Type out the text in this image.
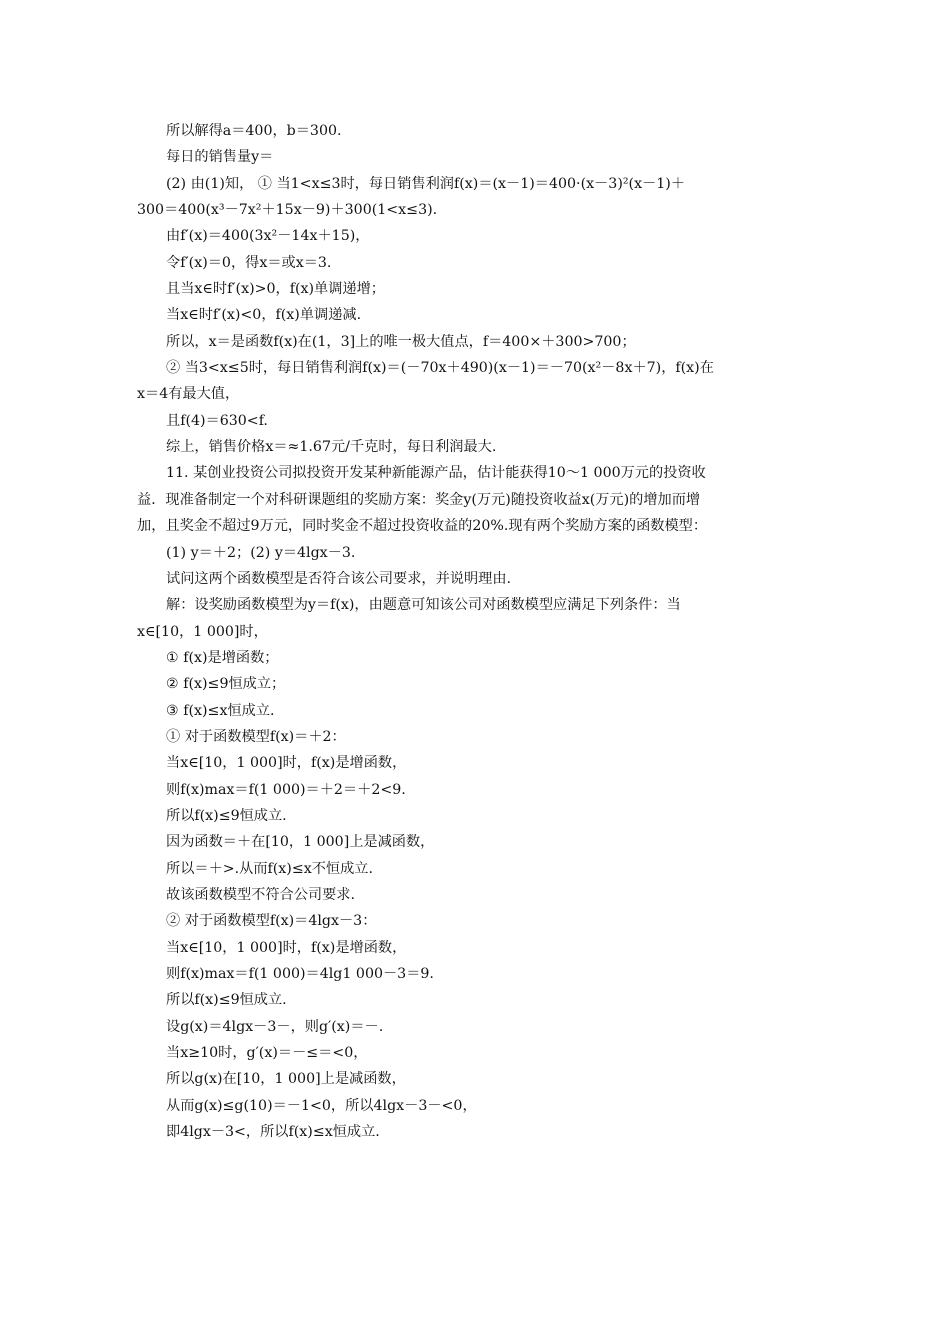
所以解得a＝400，b＝300.
每日的销售量y＝
(2) 由(1)知， ① 当1<x≤3时，每日销售利润f(x)＝(x－1)＝400·(x－3)²(x－1)＋
300＝400(x³－7x²＋15x－9)＋300(1<x≤3).
由f′(x)＝400(3x²－14x＋15)，
令f′(x)＝0，得x＝或x＝3.
且当x∈时f′(x)>0，f(x)单调递增；
当x∈时f′(x)<0，f(x)单调递减.
所以，x＝是函数f(x)在(1，3]上的唯一极大值点，f＝400×＋300>700；
② 当3<x≤5时，每日销售利润f(x)＝(－70x＋490)(x－1)＝－70(x²－8x＋7)，f(x)在
x＝4有最大值，
且f(4)＝630<f.
综上，销售价格x＝≈1.67元/千克时，每日利润最大.
11. 某创业投资公司拟投资开发某种新能源产品，估计能获得10～1 000万元的投资收
益．现准备制定一个对科研课题组的奖励方案：奖金y(万元)随投资收益x(万元)的增加而增
加，且奖金不超过9万元，同时奖金不超过投资收益的20%.现有两个奖励方案的函数模型：
(1) y＝＋2；(2) y＝4lgx－3.
试问这两个函数模型是否符合该公司要求，并说明理由.
解：设奖励函数模型为y＝f(x)，由题意可知该公司对函数模型应满足下列条件：当
x∈[10，1 000]时，
① f(x)是增函数；
② f(x)≤9恒成立；
③ f(x)≤x恒成立.
① 对于函数模型f(x)＝＋2：
当x∈[10，1 000]时，f(x)是增函数，
则f(x)max＝f(1 000)＝＋2＝＋2<9.
所以f(x)≤9恒成立.
因为函数＝＋在[10，1 000]上是减函数，
所以＝＋>.从而f(x)≤x不恒成立.
故该函数模型不符合公司要求.
② 对于函数模型f(x)＝4lgx－3：
当x∈[10，1 000]时，f(x)是增函数，
则f(x)max＝f(1 000)＝4lg1 000－3＝9.
所以f(x)≤9恒成立.
设g(x)＝4lgx－3－，则g′(x)＝－.
当x≥10时，g′(x)＝－≤＝<0，
所以g(x)在[10，1 000]上是减函数，
从而g(x)≤g(10)＝－1<0，所以4lgx－3－<0，
即4lgx－3<，所以f(x)≤x恒成立.
